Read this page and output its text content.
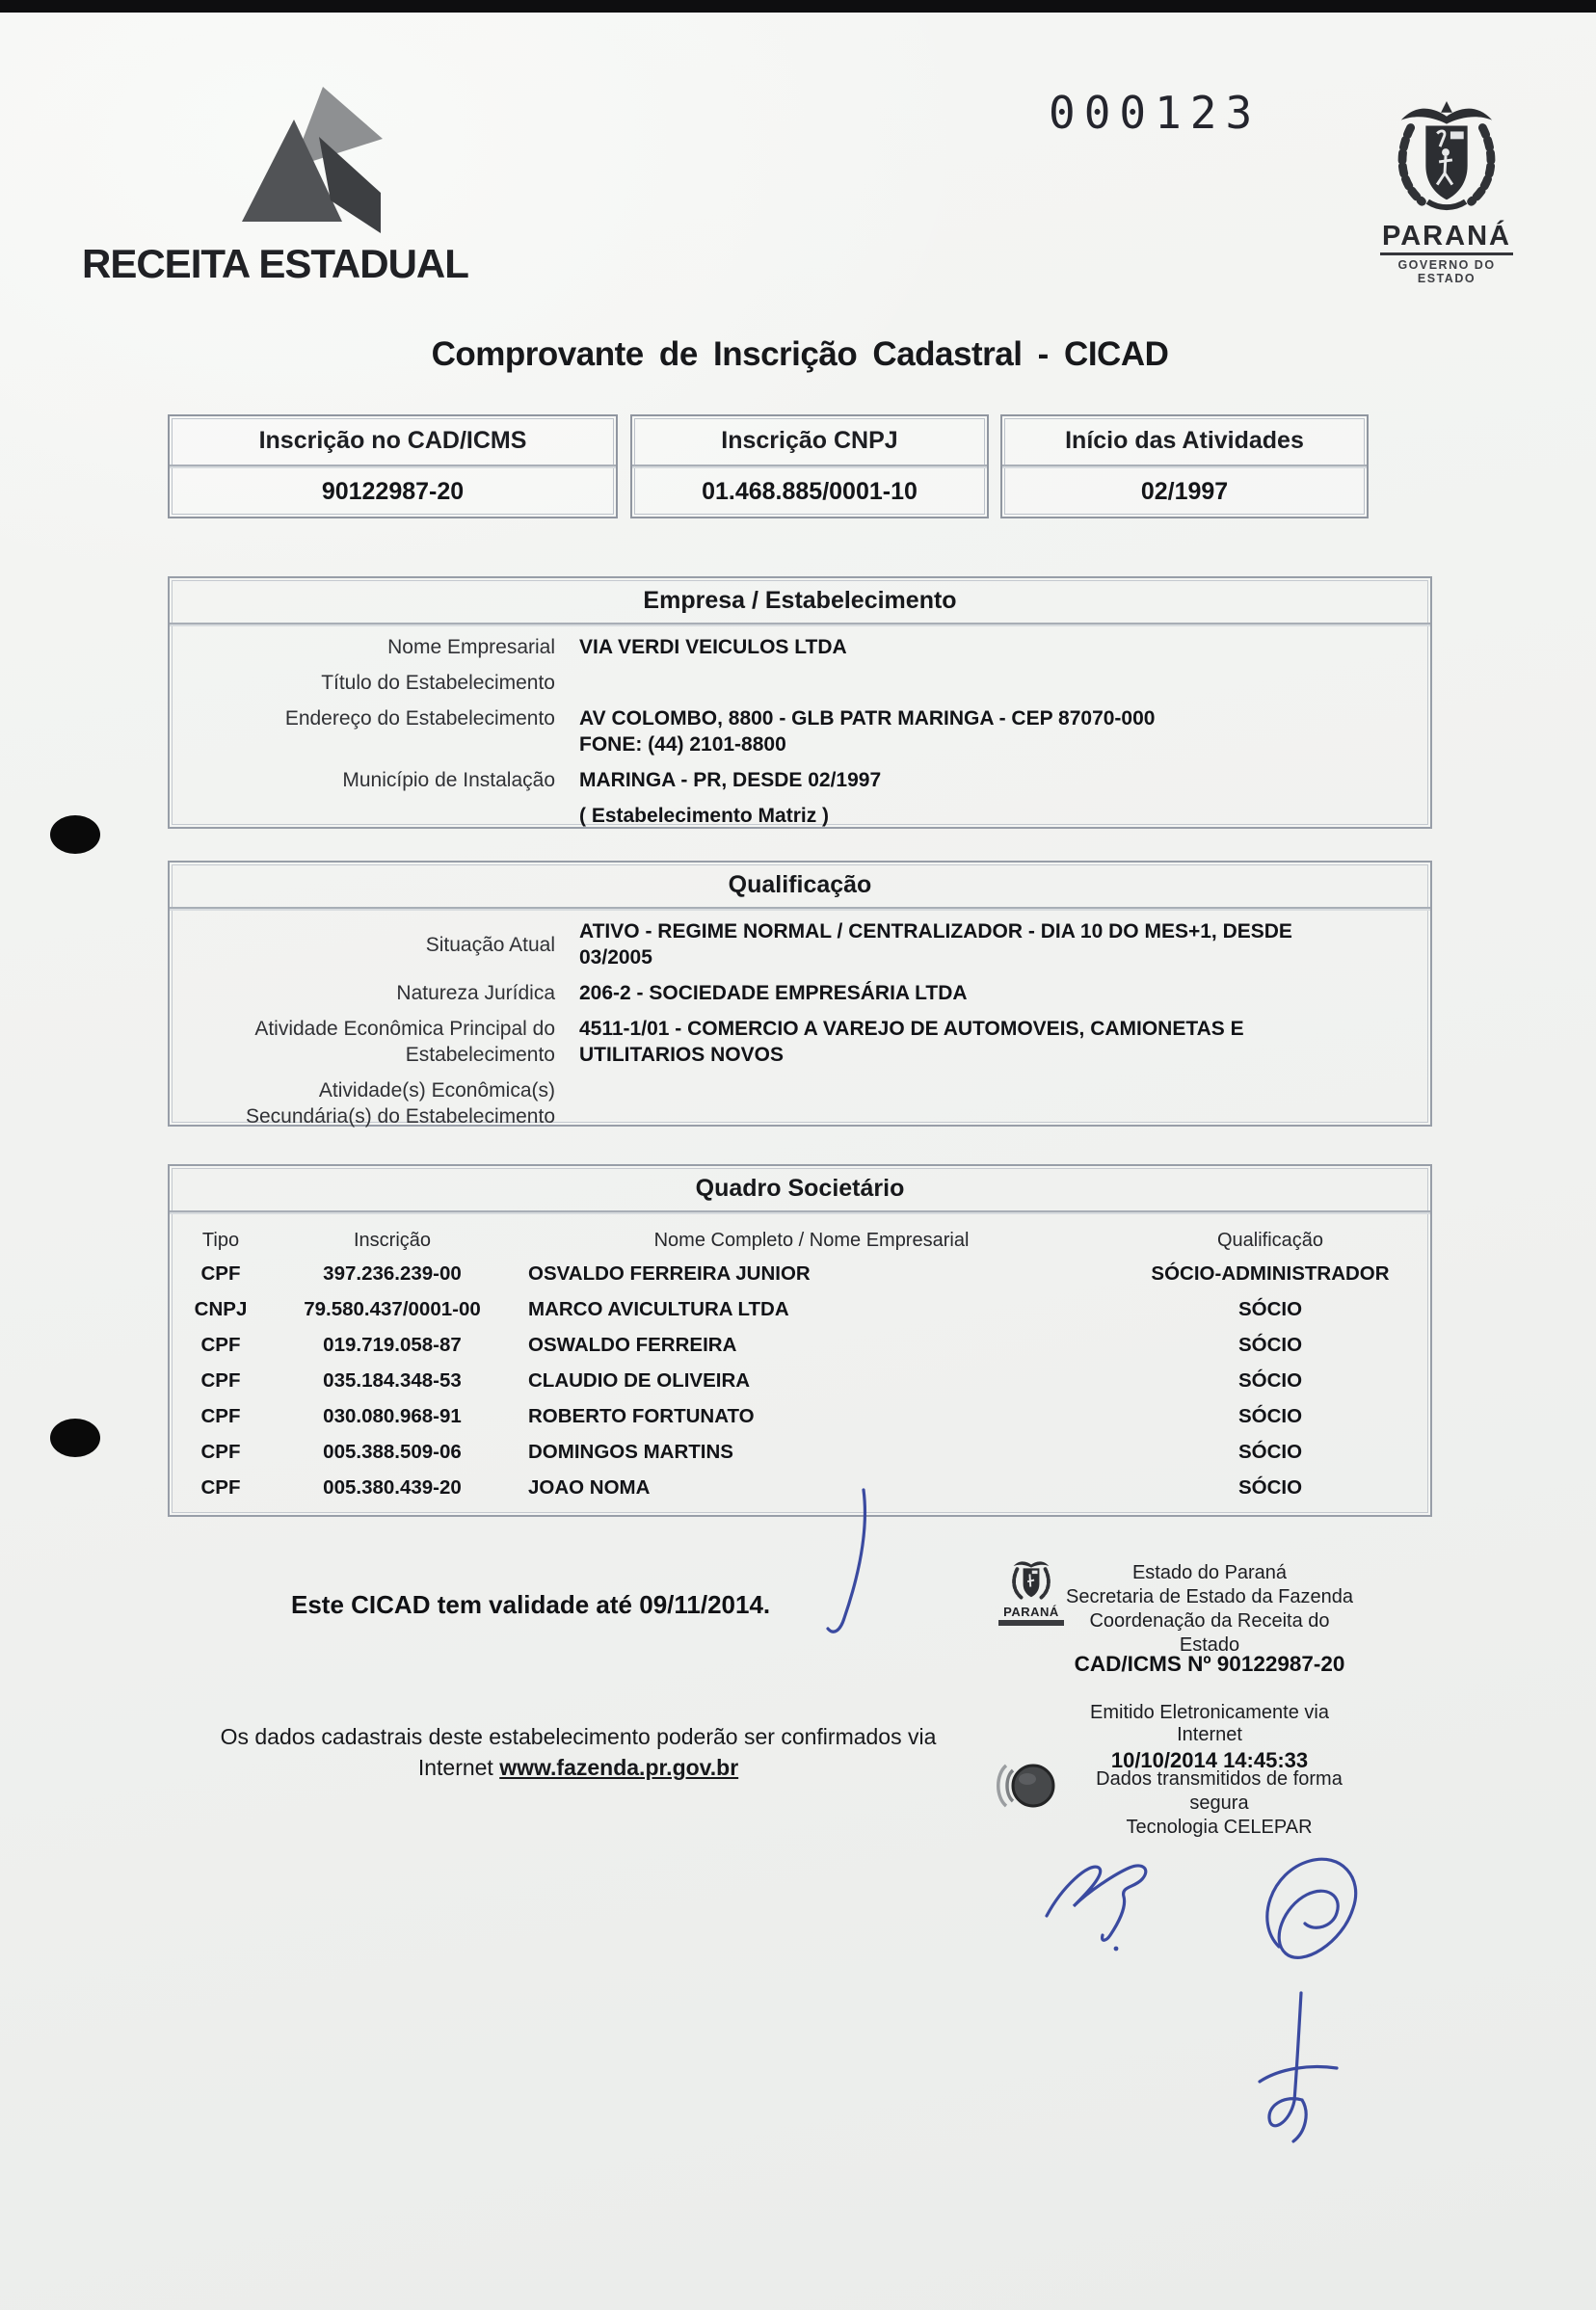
RECEITA ESTADUAL
000123
PARANÁ
GOVERNO DO ESTADO
Comprovante de Inscrição Cadastral - CICAD
Inscrição no CAD/ICMS
90122987-20
Inscrição CNPJ
01.468.885/0001-10
Início das Atividades
02/1997
Empresa / Estabelecimento
Nome Empresarial VIA VERDI VEICULOS LTDA
Título do Estabelecimento
Endereço do Estabelecimento AV COLOMBO, 8800 - GLB PATR MARINGA - CEP 87070-000
FONE: (44) 2101-8800
Município de Instalação MARINGA - PR, DESDE 02/1997
( Estabelecimento Matriz )
Qualificação
Situação Atual
ATIVO - REGIME NORMAL / CENTRALIZADOR - DIA 10 DO MES+1, DESDE
03/2005
Natureza Jurídica 206-2 - SOCIEDADE EMPRESÁRIA LTDA
Atividade Econômica Principal do
Estabelecimento
4511-1/01 - COMERCIO A VAREJO DE AUTOMOVEIS, CAMIONETAS E
UTILITARIOS NOVOS
Atividade(s) Econômica(s)
Secundária(s) do Estabelecimento
Quadro Societário
Tipo	Inscrição	Nome Completo / Nome Empresarial	Qualificação
CPF	397.236.239-00	OSVALDO FERREIRA JUNIOR	SÓCIO-ADMINISTRADOR
CNPJ	79.580.437/0001-00	MARCO AVICULTURA LTDA	SÓCIO
CPF	019.719.058-87	OSWALDO FERREIRA	SÓCIO
CPF	035.184.348-53	CLAUDIO DE OLIVEIRA	SÓCIO
CPF	030.080.968-91	ROBERTO FORTUNATO	SÓCIO
CPF	005.388.509-06	DOMINGOS MARTINS	SÓCIO
CPF	005.380.439-20	JOAO NOMA	SÓCIO
Este CICAD tem validade até 09/11/2014.
Os dados cadastrais deste estabelecimento poderão ser confirmados via
Internet www.fazenda.pr.gov.br
PARANÁ
Estado do Paraná
Secretaria de Estado da Fazenda
Coordenação da Receita do Estado
CAD/ICMS Nº 90122987-20
Emitido Eletronicamente via Internet
10/10/2014 14:45:33
Dados transmitidos de forma segura
Tecnologia CELEPAR
